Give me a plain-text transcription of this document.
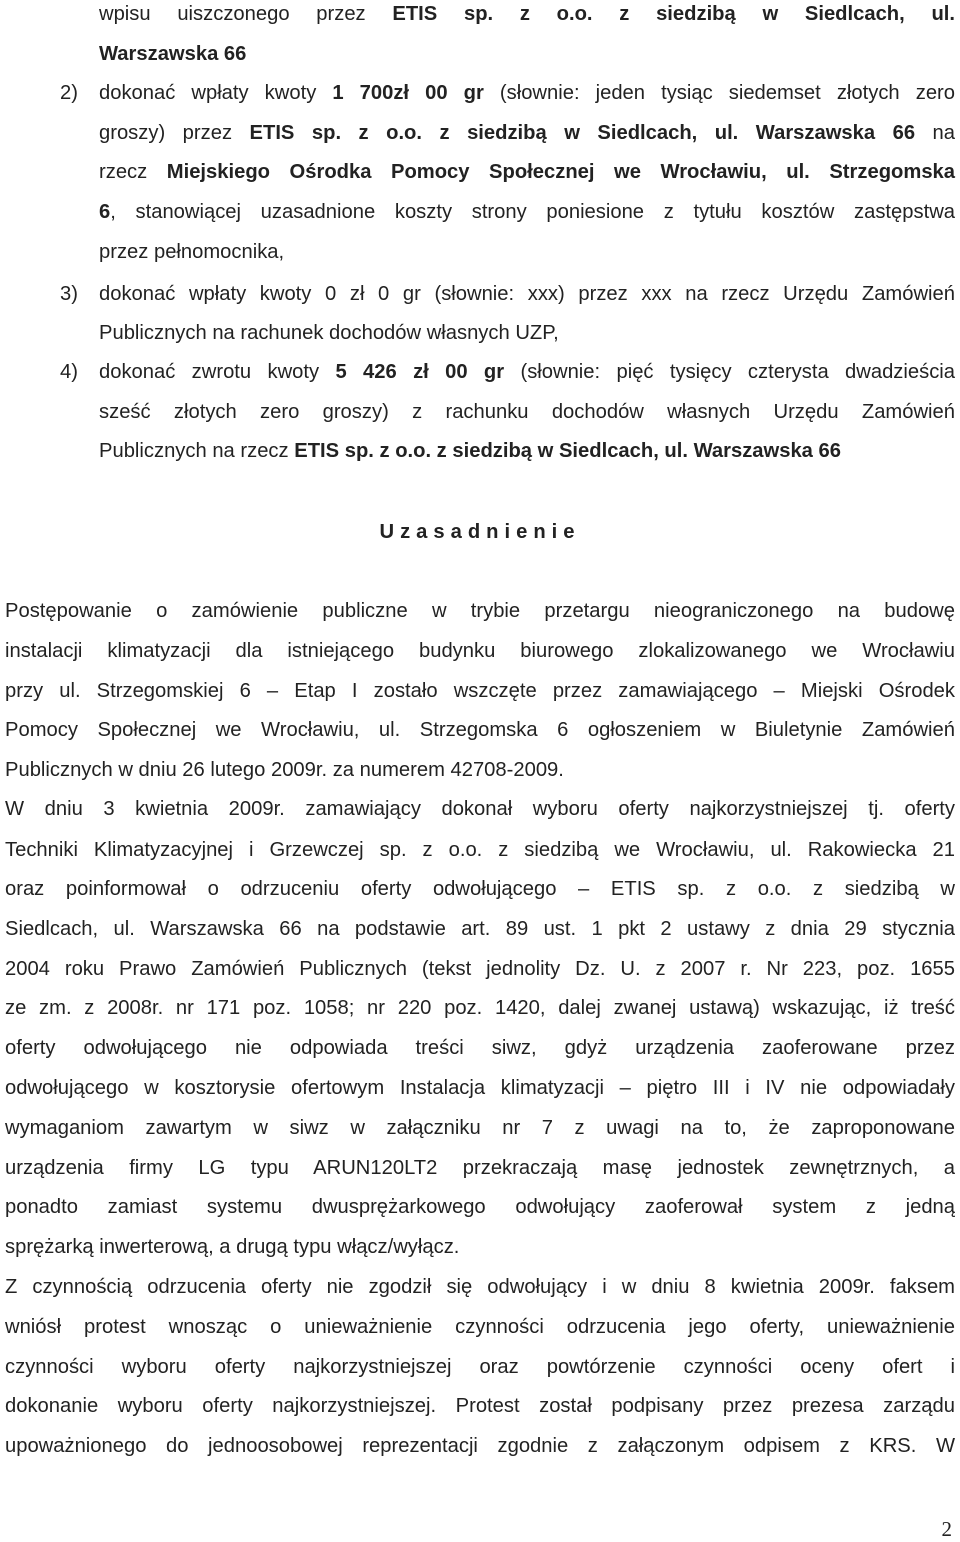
wpisu uiszczonego przez ETIS sp. z o.o. z siedzibą w Siedlcach, ul.
Warszawska 66
2) dokonać wpłaty kwoty 1 700zł 00 gr (słownie: jeden tysiąc siedemset złotych zero
groszy) przez ETIS sp. z o.o. z siedzibą w Siedlcach, ul. Warszawska 66 na
rzecz Miejskiego Ośrodka Pomocy Społecznej we Wrocławiu, ul. Strzegomska
6, stanowiącej uzasadnione koszty strony poniesione z tytułu kosztów zastępstwa
przez pełnomocnika,
3) dokonać wpłaty kwoty 0 zł 0 gr (słownie: xxx) przez xxx na rzecz Urzędu Zamówień
Publicznych na rachunek dochodów własnych UZP,
4) dokonać zwrotu kwoty 5 426 zł 00 gr (słownie: pięć tysięcy czterysta dwadzieścia
sześć złotych zero groszy) z rachunku dochodów własnych Urzędu Zamówień
Publicznych na rzecz ETIS sp. z o.o. z siedzibą w Siedlcach, ul. Warszawska 66
Uzasadnienie
Postępowanie o zamówienie publiczne w trybie przetargu nieograniczonego na budowę
instalacji klimatyzacji dla istniejącego budynku biurowego zlokalizowanego we Wrocławiu
przy ul. Strzegomskiej 6 – Etap I zostało wszczęte przez zamawiającego – Miejski Ośrodek
Pomocy Społecznej we Wrocławiu, ul. Strzegomska 6 ogłoszeniem w Biuletynie Zamówień
Publicznych w dniu 26 lutego 2009r. za numerem 42708-2009.
W dniu 3 kwietnia 2009r. zamawiający dokonał wyboru oferty najkorzystniejszej tj. oferty
Techniki Klimatyzacyjnej i Grzewczej sp. z o.o. z siedzibą we Wrocławiu, ul. Rakowiecka 21
oraz poinformował o odrzuceniu oferty odwołującego – ETIS sp. z o.o. z siedzibą w
Siedlcach, ul. Warszawska 66 na podstawie art. 89 ust. 1 pkt 2 ustawy z dnia 29 stycznia
2004 roku Prawo Zamówień Publicznych (tekst jednolity Dz. U. z 2007 r. Nr 223, poz. 1655
ze zm. z 2008r. nr 171 poz. 1058; nr 220 poz. 1420, dalej zwanej ustawą) wskazując, iż treść
oferty odwołującego nie odpowiada treści siwz, gdyż urządzenia zaoferowane przez
odwołującego w kosztorysie ofertowym Instalacja klimatyzacji – piętro III i IV nie odpowiadały
wymaganiom zawartym w siwz w załączniku nr 7 z uwagi na to, że zaproponowane
urządzenia firmy LG typu ARUN120LT2 przekraczają masę jednostek zewnętrznych, a
ponadto zamiast systemu dwusprężarkowego odwołujący zaoferował system z jedną
sprężarką inwerterową, a drugą typu włącz/wyłącz.
Z czynnością odrzucenia oferty nie zgodził się odwołujący i w dniu 8 kwietnia 2009r. faksem
wniósł protest wnosząc o unieważnienie czynności odrzucenia jego oferty, unieważnienie
czynności wyboru oferty najkorzystniejszej oraz powtórzenie czynności oceny ofert i
dokonanie wyboru oferty najkorzystniejszej. Protest został podpisany przez prezesa zarządu
upoważnionego do jednoosobowej reprezentacji zgodnie z załączonym odpisem z KRS. W
2
